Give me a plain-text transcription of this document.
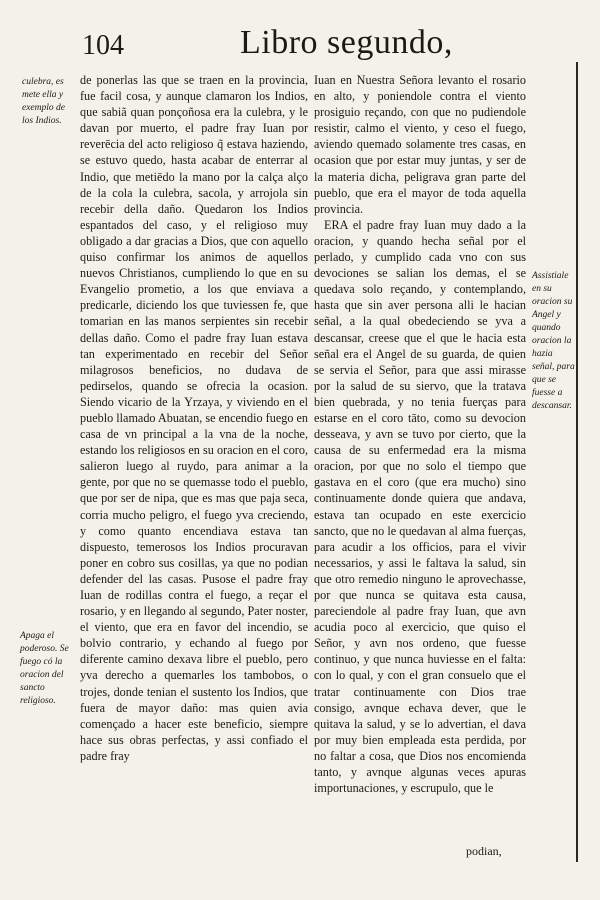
104	Libro segundo,
culebra, es mete ella y exemplo de los Indios.
Apaga el poderoso. Se fuego có la oracion del sancto religioso.
Assistiale en su oracion su Angel y quando oracion la hazia señal, para que se fuesse a descansar.

de ponerlas las que se traen en la provincia, fue facil cosa, y aunque clamaron los Indios, que sabiã quan ponçoñosa era la culebra, y le davan por muerto, el padre fray Iuan por reverēcia del acto religioso q̃ estava haziendo, se estuvo quedo, hasta acabar de enterrar al Indio, que metiēdo la mano por la calça alço de la cola la culebra, sacola, y arrojola sin recebir della daño. Quedaron los Indios espantados del caso, y el religioso muy obligado a dar gracias a Dios, que con aquello quiso confirmar los animos de aquellos nuevos Christianos, cumpliendo lo que en su Evangelio prometio, a los que enviava a predicarle, diciendo los que tuviessen fe, que tomarian en las manos serpientes sin recebir dellas daño. Como el padre fray Iuan estava tan experimentado en recebir del Señor milagrosos beneficios, no dudava de pedirselos, quando se ofrecia la ocasion. Siendo vicario de la Yrzaya, y viviendo en el pueblo llamado Abuatan, se encendio fuego en casa de vn principal a la vna de la noche, estando los religiosos en su oracion en el coro, salieron luego al ruydo, para animar a la gente, por que no se quemasse todo el pueblo, que por ser de nipa, que es mas que paja seca, corria mucho peligro, el fuego yva creciendo, y como quanto encendiava estava tan dispuesto, temerosos los Indios procuravan poner en cobro sus cosillas, ya que no podian defender del las casas. Pusose el padre fray Iuan de rodillas contra el fuego, a reçar el rosario, y en llegando al segundo, Pater noster, el viento, que era en favor del incendio, se bolvio contrario, y echando al fuego por diferente camino dexava libre el pueblo, pero yva derecho a quemarles los tambobos, o trojes, donde tenian el sustento los Indios, que fuera de mayor daño: mas quien avia començado a hacer este beneficio, siempre hace sus obras perfectas, y assi confiado el padre fray

Iuan en Nuestra Señora levanto el rosario en alto, y poniendole contra el viento prosiguio reçando, con que no pudiendole resistir, calmo el viento, y ceso el fuego, aviendo quemado solamente tres casas, en ocasion que por estar muy juntas, y ser de la materia dicha, peligrava gran parte del pueblo, que era el mayor de toda aquella provincia.

ERA el padre fray Iuan muy dado a la oracion, y quando hecha señal por el perlado, y cumplido cada vno con sus devociones se salian los demas, el se quedava solo reçando, y contemplando, hasta que sin aver persona alli le hacian señal, a la qual obedeciendo se yva a descansar, creese que el que le hacia esta señal era el Angel de su guarda, de quien se servia el Señor, para que assi mirasse por la salud de su siervo, que la tratava bien quebrada, y no tenia fuerças para estarse en el coro tāto, como su devocion desseava, y avn se tuvo por cierto, que la causa de su enfermedad era la misma oracion, por que no solo el tiempo que gastava en el coro (que era mucho) sino continuamente donde quiera que andava, estava tan ocupado en este exercicio sancto, que no le quedavan al alma fuerças, para acudir a los officios, para el vivir necessarios, y assi le faltava la salud, sin que otro remedio ninguno le aprovechasse, por que nunca se quitava esta causa, pareciendole al padre fray Iuan, que avn acudia poco al exercicio, que quiso el Señor, y avn nos ordeno, que fuesse continuo, y que nunca huviesse en el falta: con lo qual, y con el gran consuelo que el tratar continuamente con Dios trae consigo, avnque echava dever, que le quitava la salud, y se lo advertian, el dava por muy bien empleada esta perdida, por no faltar a cosa, que Dios nos encomienda tanto, y avnque algunas veces apuras importunaciones, y escrupulo, que le

podian,
